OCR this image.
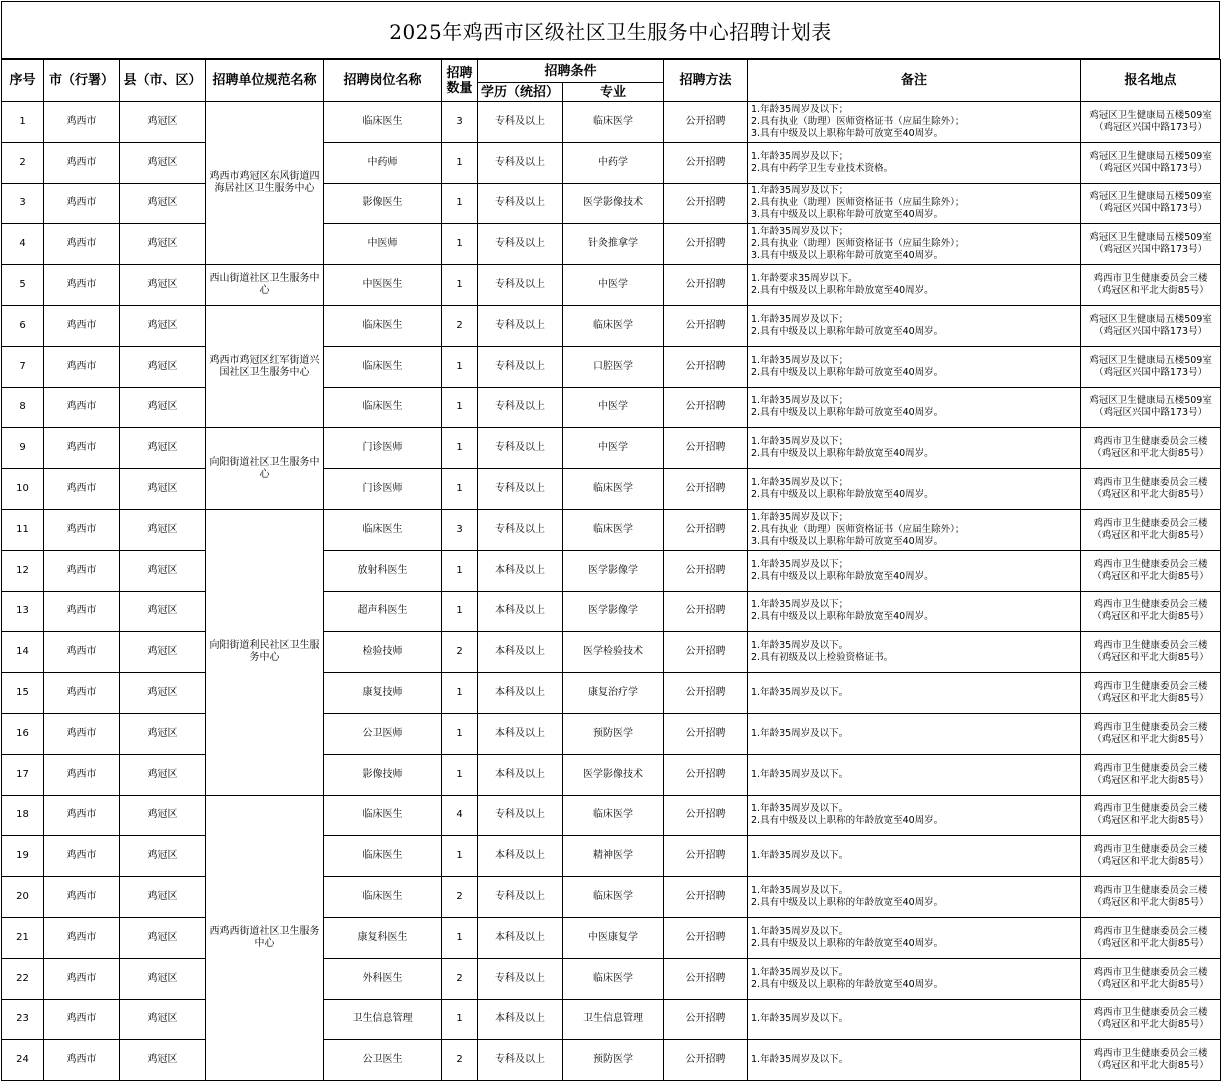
2025年鸡西市区级社区卫生服务中心招聘计划表
序号	市（行署）	县（市、区）	招聘单位规范名称	招聘岗位名称	招聘数量	招聘条件		招聘方法	备注	报名地点
						学历（统招）	专业			
1	鸡西市	鸡冠区	鸡西市鸡冠区东风街道四海居社区卫生服务中心	临床医生	3	专科及以上	临床医学	公开招聘	1.年龄35周岁及以下；
2.具有执业（助理）医师资格证书（应届生除外）；
3.具有中级及以上职称年龄可放宽至40周岁。	鸡冠区卫生健康局五楼509室
（鸡冠区兴国中路173号）
2	鸡西市	鸡冠区		中药师	1	专科及以上	中药学	公开招聘	1.年龄35周岁及以下；
2.具有中药学卫生专业技术资格。	鸡冠区卫生健康局五楼509室
（鸡冠区兴国中路173号）
3	鸡西市	鸡冠区		影像医生	1	专科及以上	医学影像技术	公开招聘	1.年龄35周岁及以下；
2.具有执业（助理）医师资格证书（应届生除外）；
3.具有中级及以上职称年龄可放宽至40周岁。	鸡冠区卫生健康局五楼509室
（鸡冠区兴国中路173号）
4	鸡西市	鸡冠区		中医师	1	专科及以上	针灸推拿学	公开招聘	1.年龄35周岁及以下；
2.具有执业（助理）医师资格证书（应届生除外）；
3.具有中级及以上职称年龄可放宽至40周岁。	鸡冠区卫生健康局五楼509室
（鸡冠区兴国中路173号）
5	鸡西市	鸡冠区	西山街道社区卫生服务中心	中医医生	1	专科及以上	中医学	公开招聘	1.年龄要求35周岁以下。
2.具有中级及以上职称年龄放宽至40周岁。	鸡西市卫生健康委员会三楼
（鸡冠区和平北大街85号）
6	鸡西市	鸡冠区	鸡西市鸡冠区红军街道兴国社区卫生服务中心	临床医生	2	专科及以上	临床医学	公开招聘	1.年龄35周岁及以下；
2.具有中级及以上职称年龄可放宽至40周岁。	鸡冠区卫生健康局五楼509室
（鸡冠区兴国中路173号）
7	鸡西市	鸡冠区		临床医生	1	专科及以上	口腔医学	公开招聘	1.年龄35周岁及以下；
2.具有中级及以上职称年龄可放宽至40周岁。	鸡冠区卫生健康局五楼509室
（鸡冠区兴国中路173号）
8	鸡西市	鸡冠区		临床医生	1	专科及以上	中医学	公开招聘	1.年龄35周岁及以下；
2.具有中级及以上职称年龄可放宽至40周岁。	鸡冠区卫生健康局五楼509室
（鸡冠区兴国中路173号）
9	鸡西市	鸡冠区	向阳街道社区卫生服务中心	门诊医师	1	专科及以上	中医学	公开招聘	1.年龄35周岁及以下；
2.具有中级及以上职称年龄放宽至40周岁。	鸡西市卫生健康委员会三楼
（鸡冠区和平北大街85号）
10	鸡西市	鸡冠区		门诊医师	1	专科及以上	临床医学	公开招聘	1.年龄35周岁及以下；
2.具有中级及以上职称年龄放宽至40周岁。	鸡西市卫生健康委员会三楼
（鸡冠区和平北大街85号）
11	鸡西市	鸡冠区	向阳街道利民社区卫生服务中心	临床医生	3	专科及以上	临床医学	公开招聘	1.年龄35周岁及以下；
2.具有执业（助理）医师资格证书（应届生除外）；
3.具有中级及以上职称年龄可放宽至40周岁。	鸡西市卫生健康委员会三楼
（鸡冠区和平北大街85号）
12	鸡西市	鸡冠区		放射科医生	1	本科及以上	医学影像学	公开招聘	1.年龄35周岁及以下；
2.具有中级及以上职称年龄放宽至40周岁。	鸡西市卫生健康委员会三楼
（鸡冠区和平北大街85号）
13	鸡西市	鸡冠区		超声科医生	1	本科及以上	医学影像学	公开招聘	1.年龄35周岁及以下；
2.具有中级及以上职称年龄放宽至40周岁。	鸡西市卫生健康委员会三楼
（鸡冠区和平北大街85号）
14	鸡西市	鸡冠区		检验技师	2	本科及以上	医学检验技术	公开招聘	1.年龄35周岁及以下。
2.具有初级及以上检验资格证书。	鸡西市卫生健康委员会三楼
（鸡冠区和平北大街85号）
15	鸡西市	鸡冠区		康复技师	1	本科及以上	康复治疗学	公开招聘	1.年龄35周岁及以下。	鸡西市卫生健康委员会三楼
（鸡冠区和平北大街85号）
16	鸡西市	鸡冠区		公卫医师	1	本科及以上	预防医学	公开招聘	1.年龄35周岁及以下。	鸡西市卫生健康委员会三楼
（鸡冠区和平北大街85号）
17	鸡西市	鸡冠区		影像技师	1	本科及以上	医学影像技术	公开招聘	1.年龄35周岁及以下。	鸡西市卫生健康委员会三楼
（鸡冠区和平北大街85号）
18	鸡西市	鸡冠区	西鸡西街道社区卫生服务中心	临床医生	4	专科及以上	临床医学	公开招聘	1.年龄35周岁及以下。
2.具有中级及以上职称的年龄放宽至40周岁。	鸡西市卫生健康委员会三楼
（鸡冠区和平北大街85号）
19	鸡西市	鸡冠区		临床医生	1	本科及以上	精神医学	公开招聘	1.年龄35周岁及以下。	鸡西市卫生健康委员会三楼
（鸡冠区和平北大街85号）
20	鸡西市	鸡冠区		临床医生	2	专科及以上	临床医学	公开招聘	1.年龄35周岁及以下。
2.具有中级及以上职称的年龄放宽至40周岁。	鸡西市卫生健康委员会三楼
（鸡冠区和平北大街85号）
21	鸡西市	鸡冠区		康复科医生	1	本科及以上	中医康复学	公开招聘	1.年龄35周岁及以下。
2.具有中级及以上职称的年龄放宽至40周岁。	鸡西市卫生健康委员会三楼
（鸡冠区和平北大街85号）
22	鸡西市	鸡冠区		外科医生	2	专科及以上	临床医学	公开招聘	1.年龄35周岁及以下。
2.具有中级及以上职称的年龄放宽至40周岁。	鸡西市卫生健康委员会三楼
（鸡冠区和平北大街85号）
23	鸡西市	鸡冠区		卫生信息管理	1	本科及以上	卫生信息管理	公开招聘	1.年龄35周岁及以下。	鸡西市卫生健康委员会三楼
（鸡冠区和平北大街85号）
24	鸡西市	鸡冠区		公卫医生	2	专科及以上	预防医学	公开招聘	1.年龄35周岁及以下。	鸡西市卫生健康委员会三楼
（鸡冠区和平北大街85号）
